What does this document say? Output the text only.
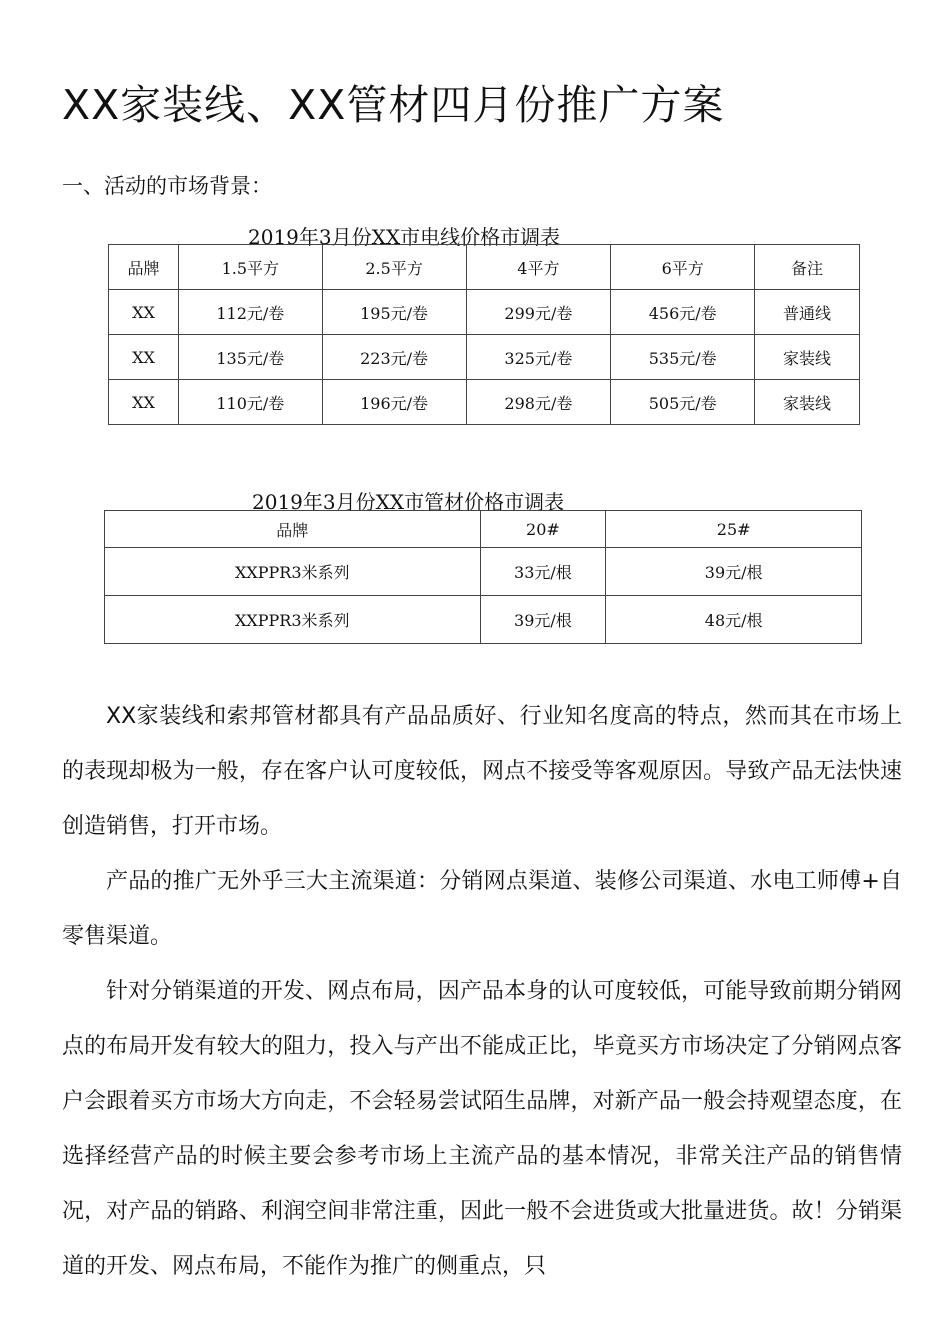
XX家装线、XX管材四月份推广方案
一、活动的市场背景：
2019年3月份XX市电线价格市调表
品牌	1.5平方	2.5平方	4平方	6平方	备注
XX	112元/卷	195元/卷	299元/卷	456元/卷	普通线
XX	135元/卷	223元/卷	325元/卷	535元/卷	家装线
XX	110元/卷	196元/卷	298元/卷	505元/卷	家装线
2019年3月份XX市管材价格市调表
品牌	20#	25#
XXPPR3米系列	33元/根	39元/根
XXPPR3米系列	39元/根	48元/根

XX家装线和索邦管材都具有产品品质好、行业知名度高的特点，然而其在市场上的表现却极为一般，存在客户认可度较低，网点不接受等客观原因。导致产品无法快速创造销售，打开市场。

产品的推广无外乎三大主流渠道：分销网点渠道、装修公司渠道、水电工师傅+自零售渠道。

针对分销渠道的开发、网点布局，因产品本身的认可度较低，可能导致前期分销网点的布局开发有较大的阻力，投入与产出不能成正比，毕竟买方市场决定了分销网点客户会跟着买方市场大方向走，不会轻易尝试陌生品牌，对新产品一般会持观望态度，在选择经营产品的时候主要会参考市场上主流产品的基本情况，非常关注产品的销售情况，对产品的销路、利润空间非常注重，因此一般不会进货或大批量进货。故！分销渠道的开发、网点布局，不能作为推广的侧重点，只
